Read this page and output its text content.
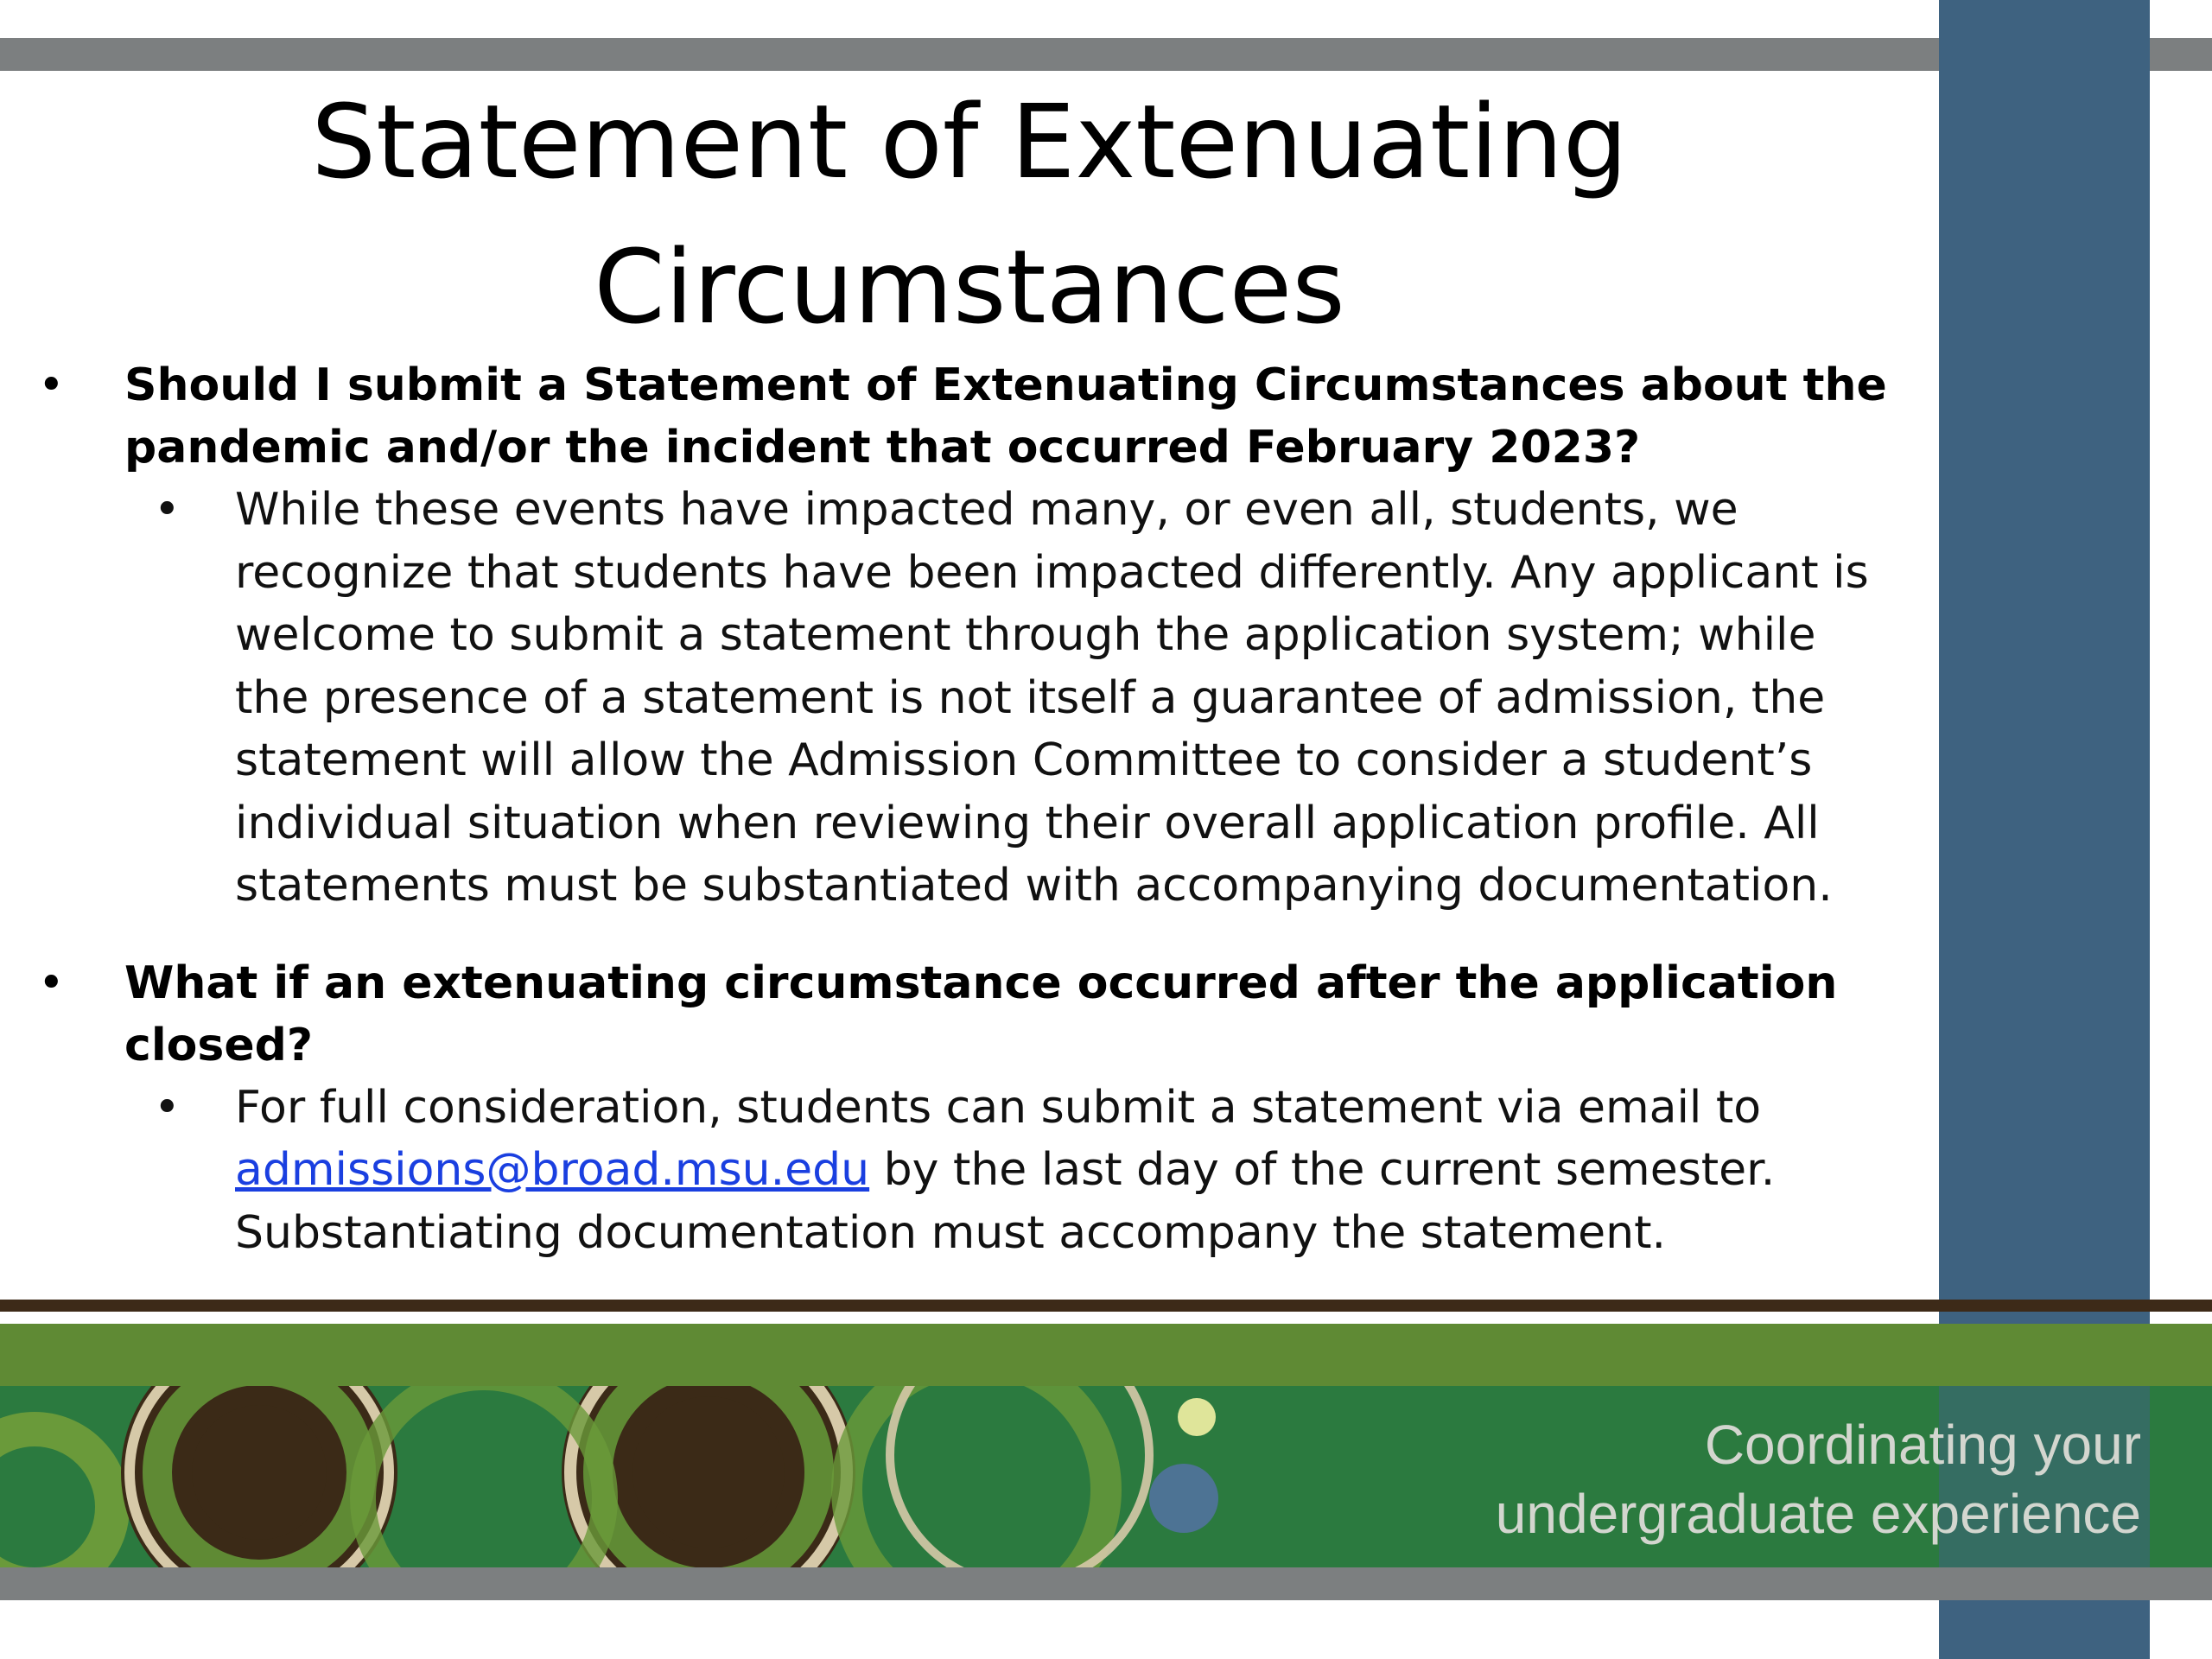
Statement of Extenuating
Circumstances
• Should I submit a Statement of Extenuating Circumstances about the pandemic and/or the incident that occurred February 2023?
• While these events have impacted many, or even all, students, we recognize that students have been impacted differently. Any applicant is welcome to submit a statement through the application system; while the presence of a statement is not itself a guarantee of admission, the statement will allow the Admission Committee to consider a student’s individual situation when reviewing their overall application profile. All statements must be substantiated with accompanying documentation.
• What if an extenuating circumstance occurred after the application closed?
• For full consideration, students can submit a statement via email to admissions@broad.msu.edu by the last day of the current semester. Substantiating documentation must accompany the statement.
Coordinating your
undergraduate experience
